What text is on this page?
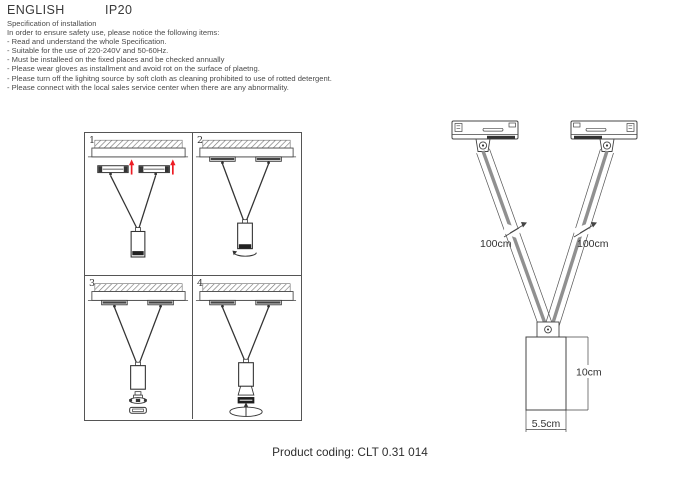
ENGLISH	IP20
Specification of installation
In order to ensure safety use, please notice the following items:
- Read and understand the whole Specification.
- Suitable for the use of 220-240V and 50-60Hz.
- Must be installeed on the fixed places and be checked annually
- Please wear gloves as installment and avoid rot on the surface of plaetng.
- Please turn off the lighitng source by soft cloth as cleaning prohibited to use of rotted detergent.
- Please connect with the local sales service center when there are any abnormality.
1	2
3	4
100cm	100cm
10cm
5.5cm
Product coding: CLT 0.31 014
